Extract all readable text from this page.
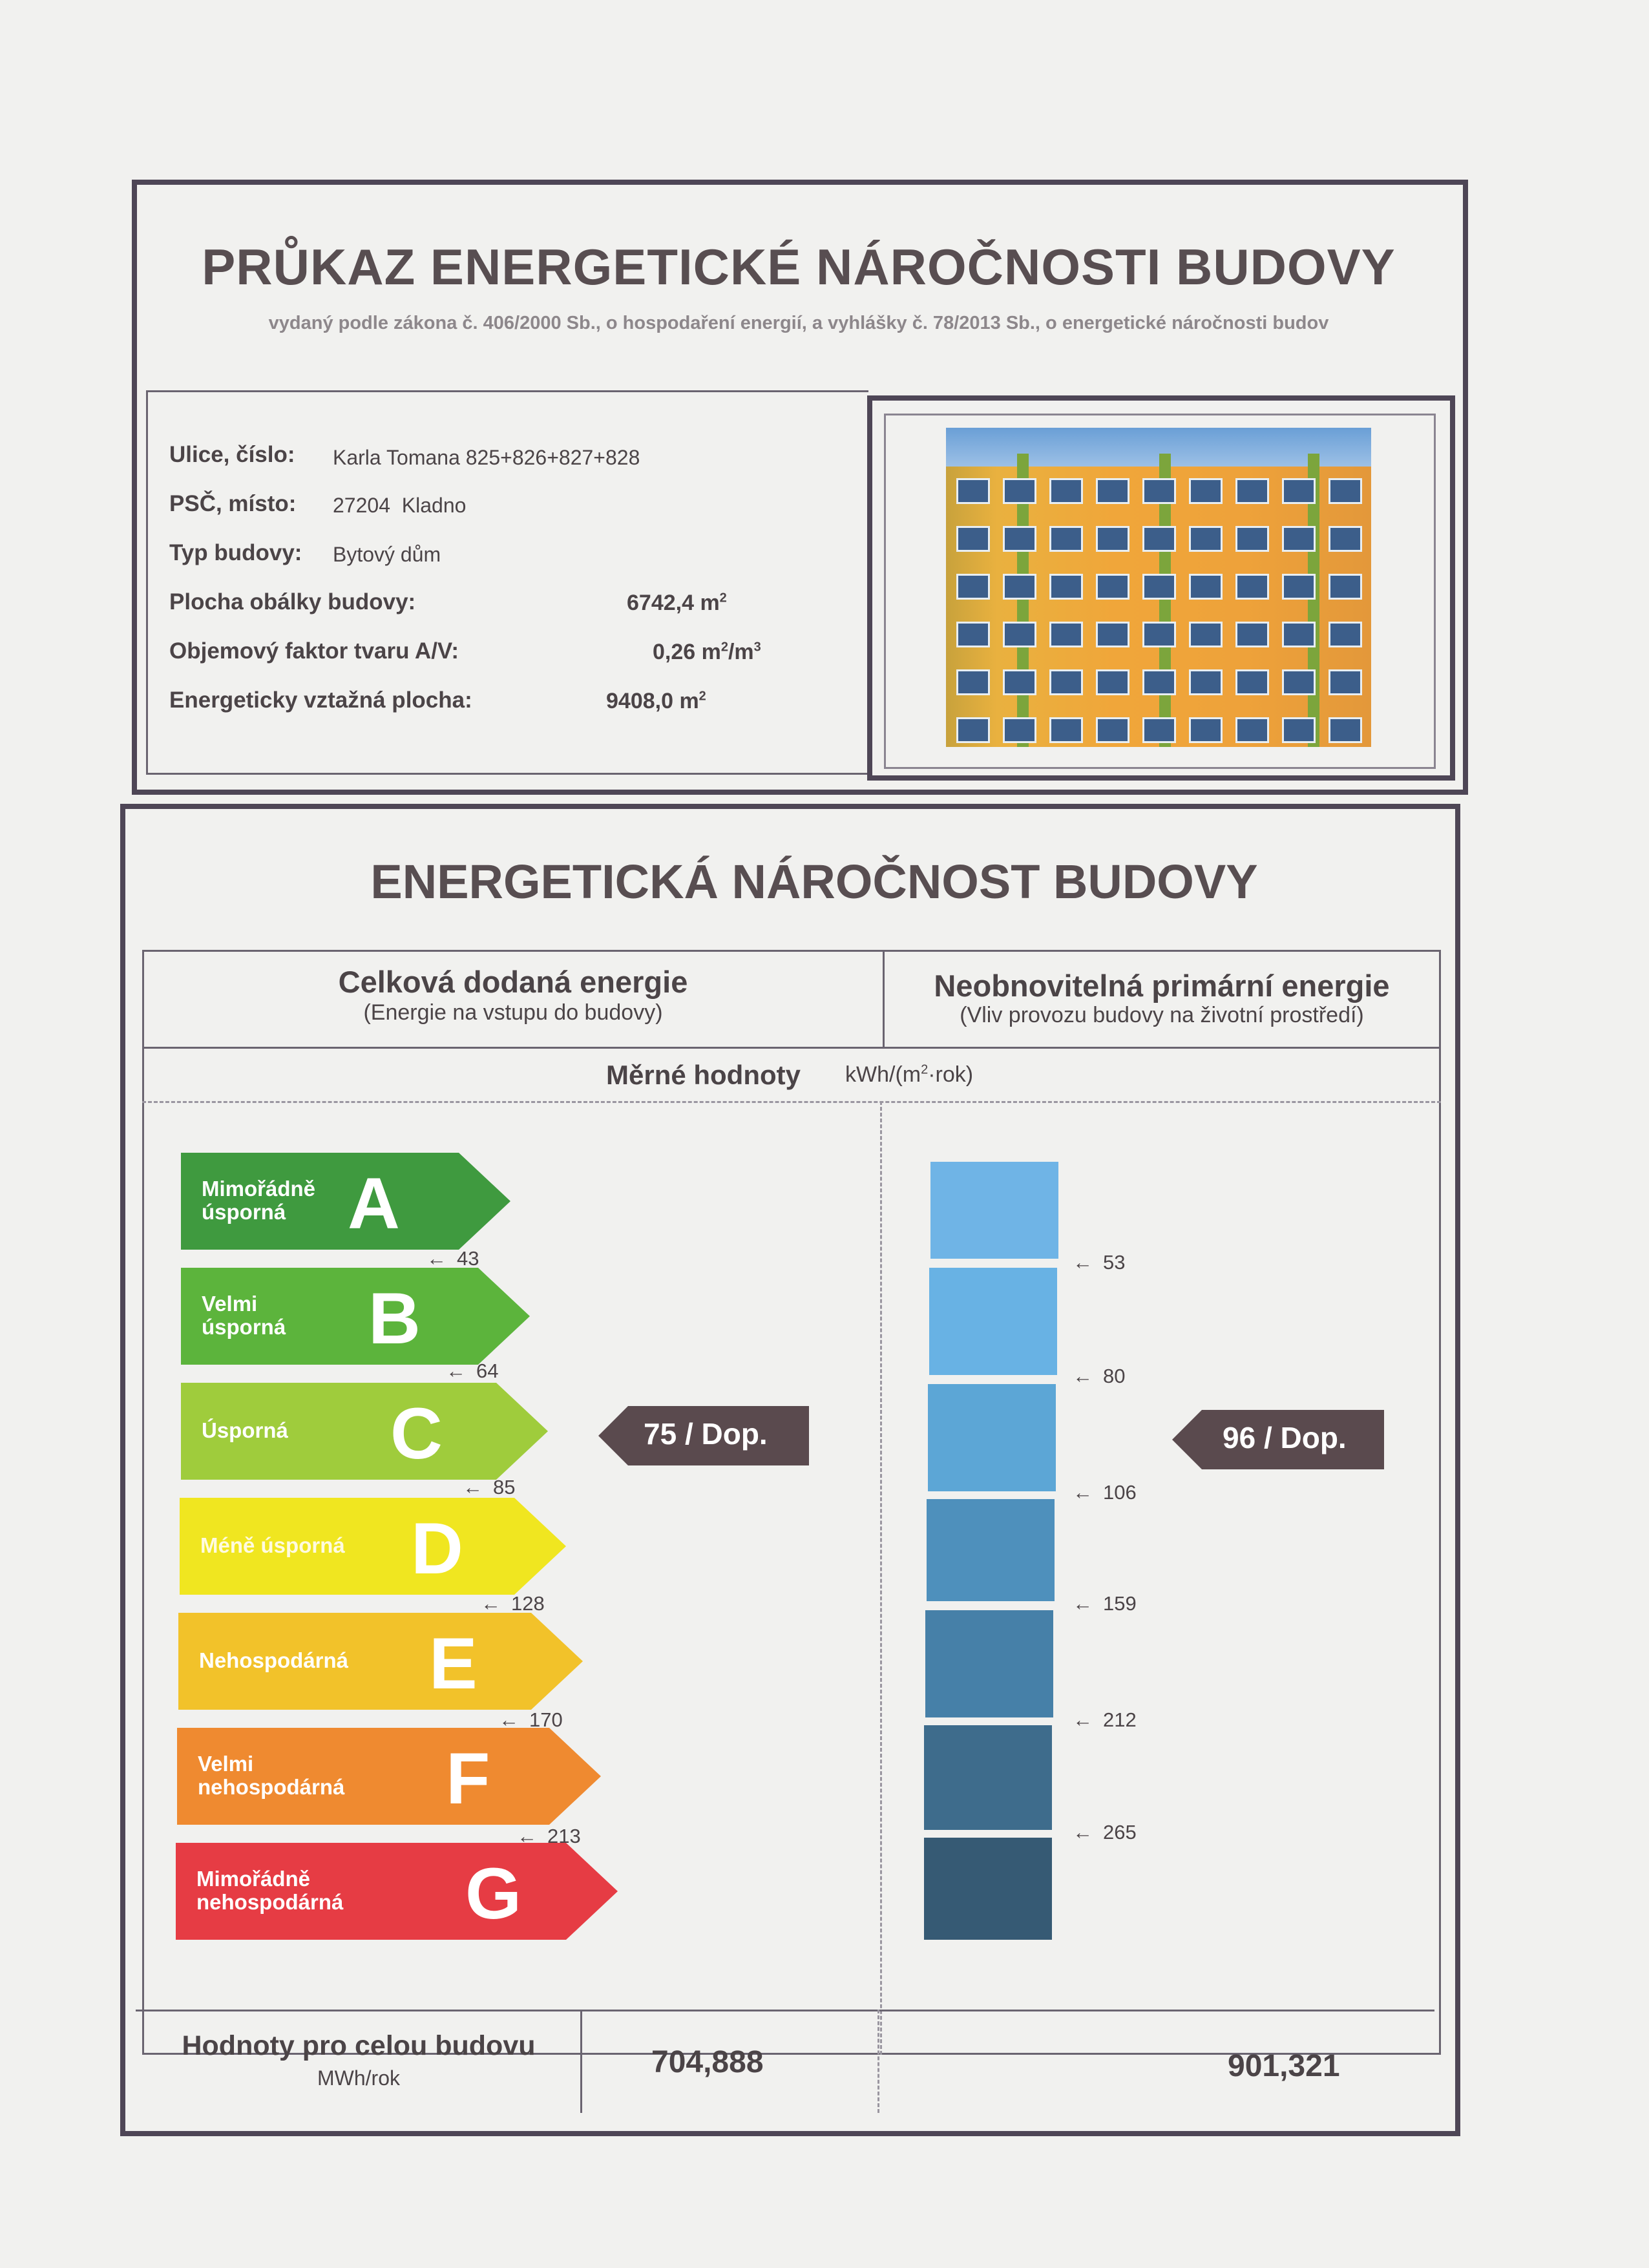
PRŮKAZ ENERGETICKÉ NÁROČNOSTI BUDOVY
vydaný podle zákona č. 406/2000 Sb., o hospodaření energií, a vyhlášky č. 78/2013 Sb., o energetické náročnosti budov
Ulice, číslo: Karla Tomana 825+826+827+828
PSČ, místo: 27204  Kladno
Typ budovy: Bytový dům
Plocha obálky budovy:	6742,4 $m^2$
Objemový faktor tvaru A/V:	0,26 $m^2/m^3$
Energeticky vztažná plocha:	9408,0 $m^2$
ENERGETICKÁ NÁROČNOST BUDOVY
Celková dodaná energie
(Energie na vstupu do budovy)
Neobnovitelná primární energie
(Vliv provozu budovy na životní prostředí)
Měrné hodnoty kWh/$(m^2\cdot rok)$
Mimořádně
úsporná A
Velmi
úsporná B
Úsporná C
Méně úsporná D
Nehospodárná E
Velmi
nehospodárná F
Mimořádně
nehospodárná G
← 43
← 64
← 85
← 128
← 170
← 213
← 53
← 80
← 106
← 159
← 212
← 265
75 / Dop.	96 / Dop.
Hodnoty pro celou budovu
MWh/rok	704,888	901,321
